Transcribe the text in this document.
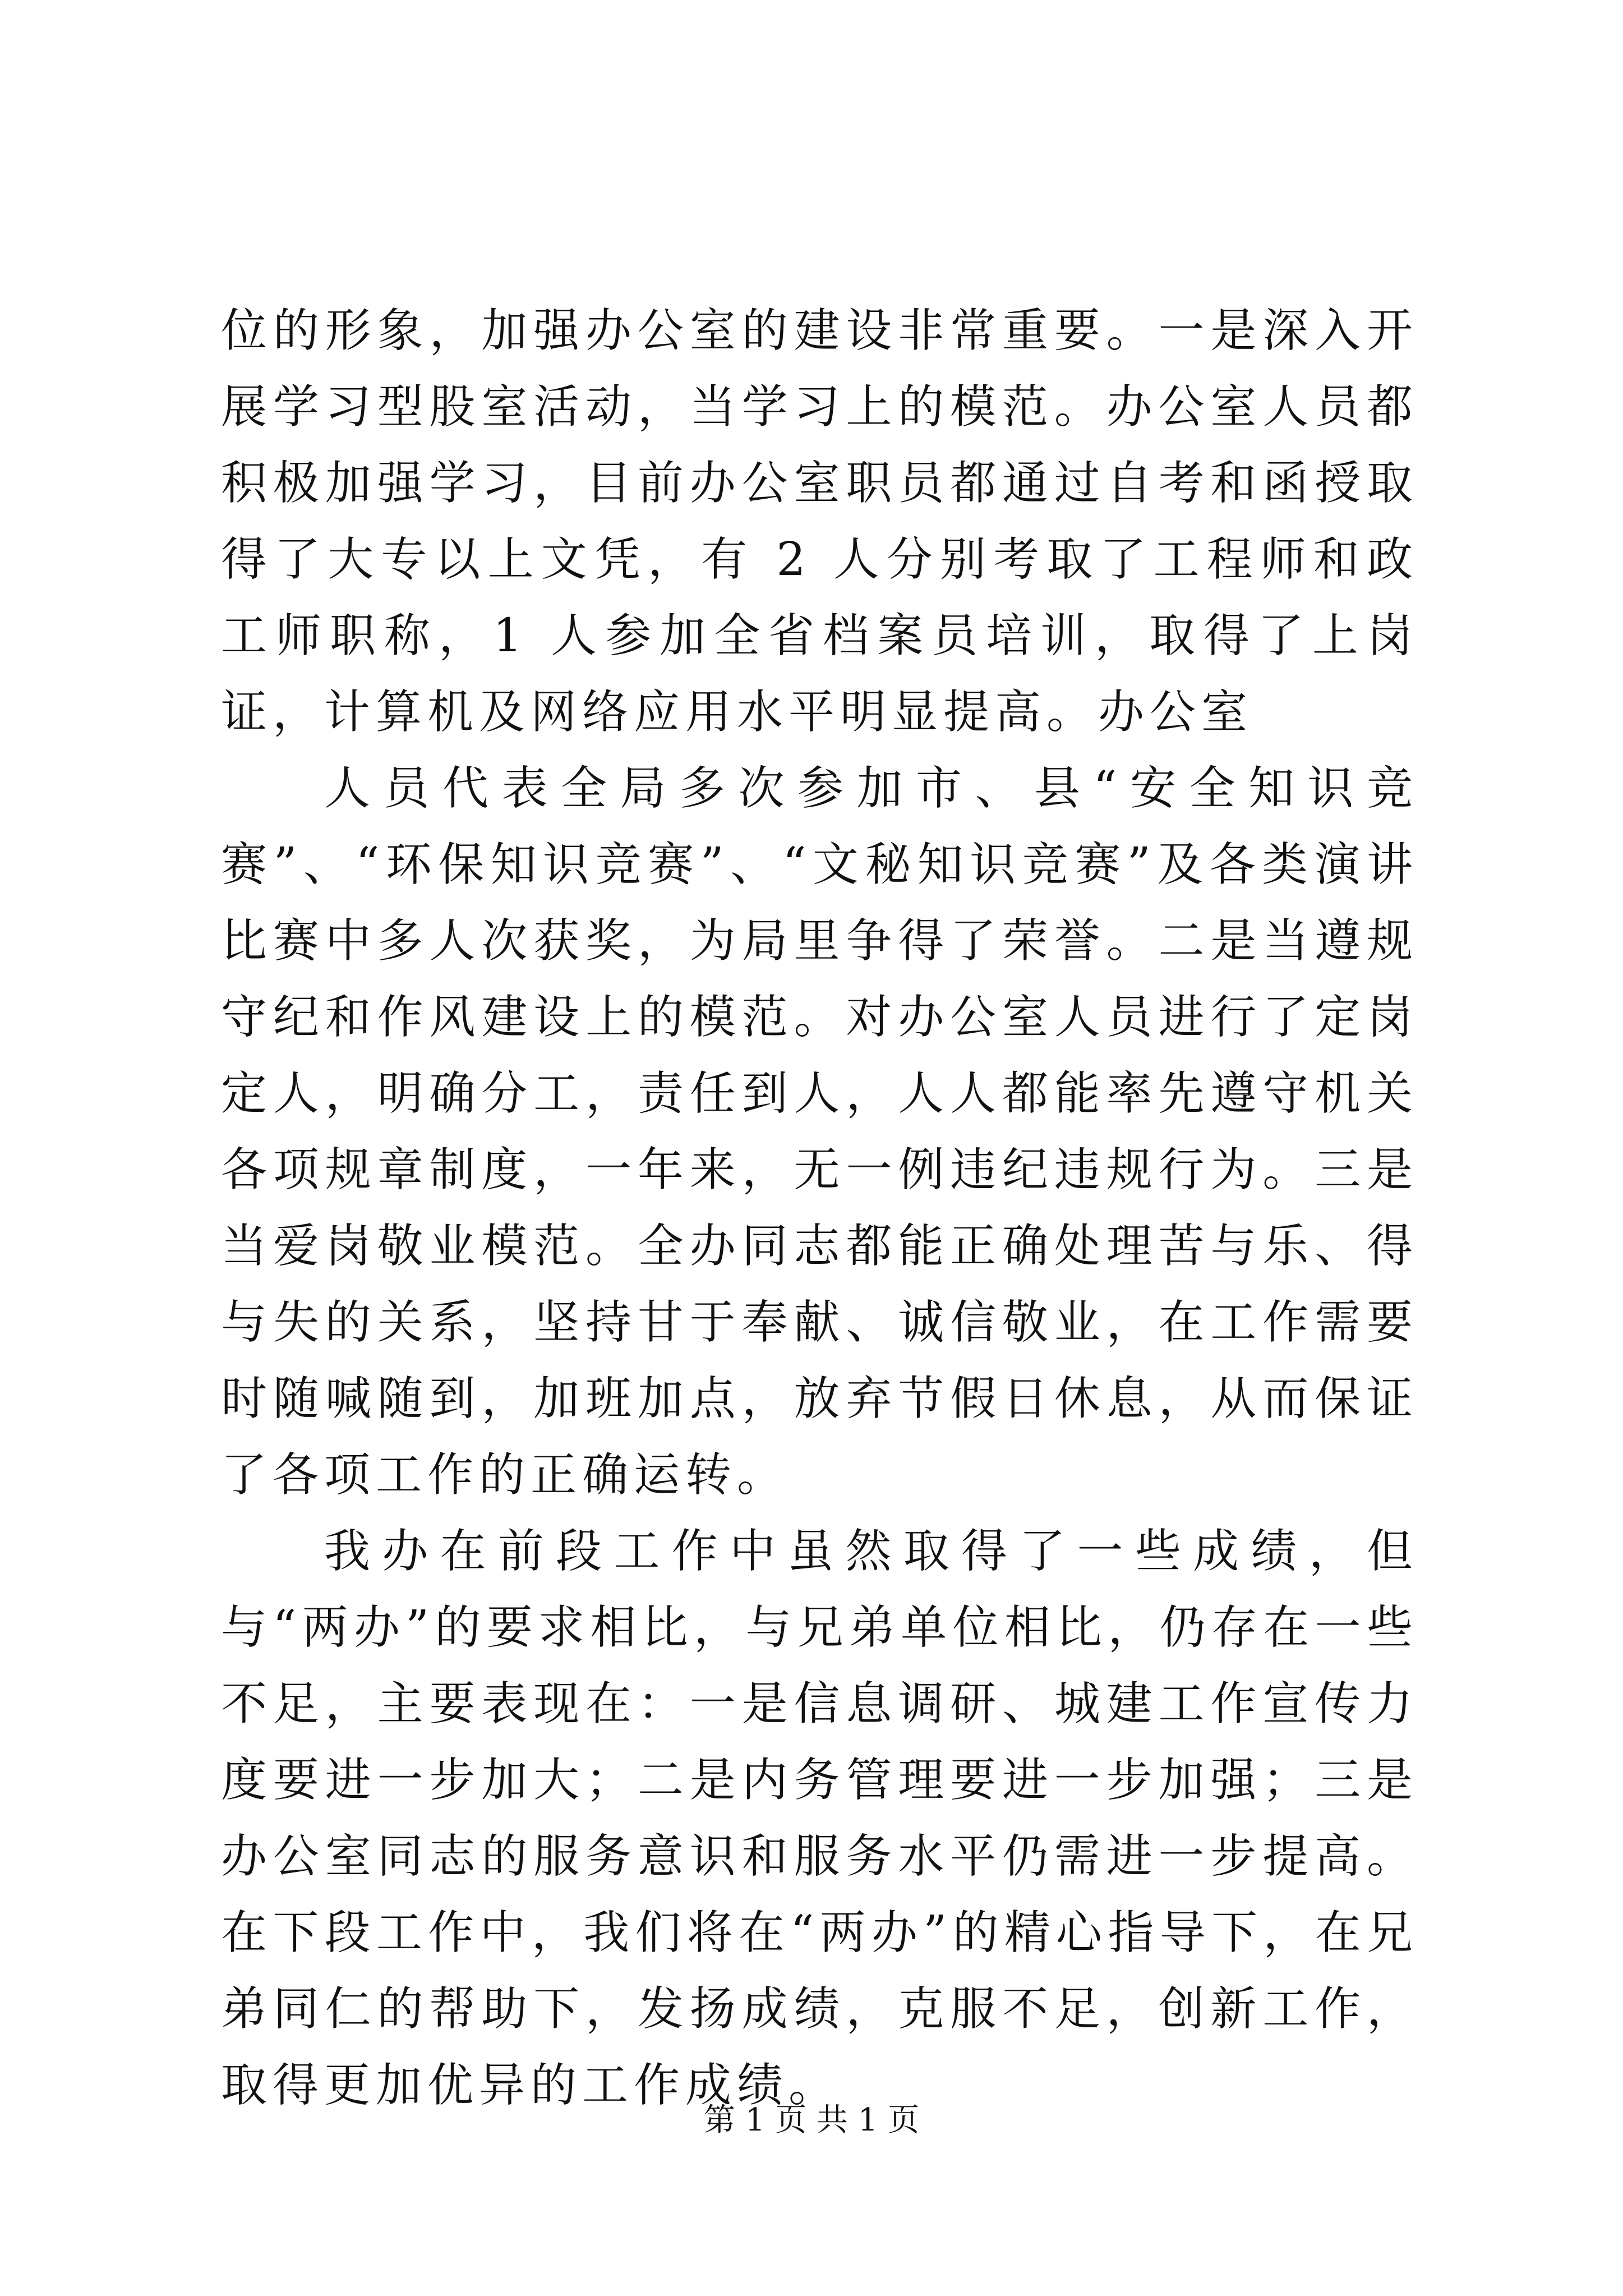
位的形象，加强办公室的建设非常重要。一是深入开展学习型股室活动，当学习上的模范。办公室人员都积极加强学习，目前办公室职员都通过自考和函授取得了大专以上文凭，有 2 人分别考取了工程师和政工师职称，1 人参加全省档案员培训，取得了上岗证，计算机及网络应用水平明显提高。办公室

人员代表全局多次参加市、县“安全知识竞赛”、“环保知识竞赛”、“文秘知识竞赛”及各类演讲比赛中多人次获奖，为局里争得了荣誉。二是当遵规守纪和作风建设上的模范。对办公室人员进行了定岗定人，明确分工，责任到人，人人都能率先遵守机关各项规章制度，一年来，无一例违纪违规行为。三是当爱岗敬业模范。全办同志都能正确处理苦与乐、得与失的关系，坚持甘于奉献、诚信敬业，在工作需要时随喊随到，加班加点，放弃节假日休息，从而保证了各项工作的正确运转。

我办在前段工作中虽然取得了一些成绩，但与“两办”的要求相比，与兄弟单位相比，仍存在一些不足，主要表现在：一是信息调研、城建工作宣传力度要进一步加大；二是内务管理要进一步加强；三是办公室同志的服务意识和服务水平仍需进一步提高。在下段工作中，我们将在“两办”的精心指导下，在兄弟同仁的帮助下，发扬成绩，克服不足，创新工作，取得更加优异的工作成绩。

第 1 页 共 1 页
